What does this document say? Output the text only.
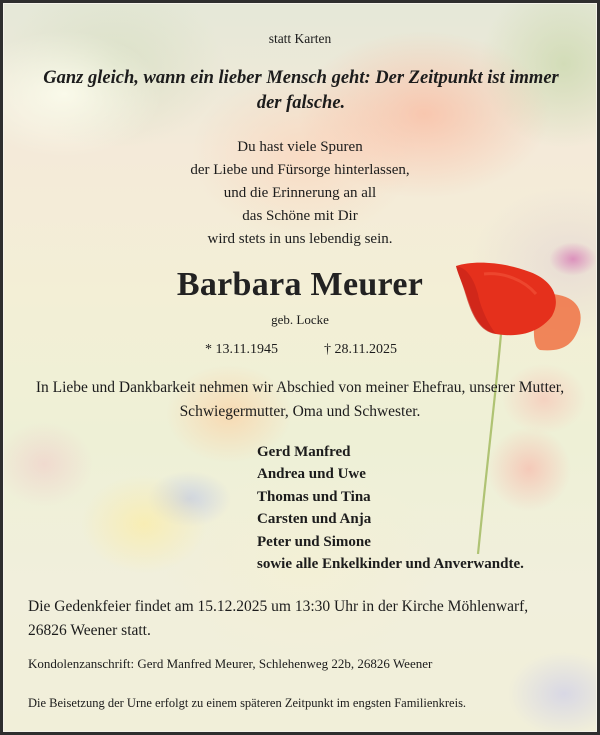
statt Karten
Ganz gleich, wann ein lieber Mensch geht: Der Zeitpunkt ist immer der falsche.
Du hast viele Spuren
der Liebe und Fürsorge hinterlassen,
und die Erinnerung an all
das Schöne mit Dir
wird stets in uns lebendig sein.
Barbara Meurer
geb. Locke
* 13.11.1945	† 28.11.2025
In Liebe und Dankbarkeit nehmen wir Abschied von meiner Ehefrau, unserer Mutter,
Schwiegermutter, Oma und Schwester.
Gerd Manfred
Andrea und Uwe
Thomas und Tina
Carsten und Anja
Peter und Simone
sowie alle Enkelkinder und Anverwandte.
Die Gedenkfeier findet am 15.12.2025 um 13:30 Uhr in der Kirche Möhlenwarf,
26826 Weener statt.
Kondolenzanschrift: Gerd Manfred Meurer, Schlehenweg 22b, 26826 Weener
Die Beisetzung der Urne erfolgt zu einem späteren Zeitpunkt im engsten Familienkreis.
